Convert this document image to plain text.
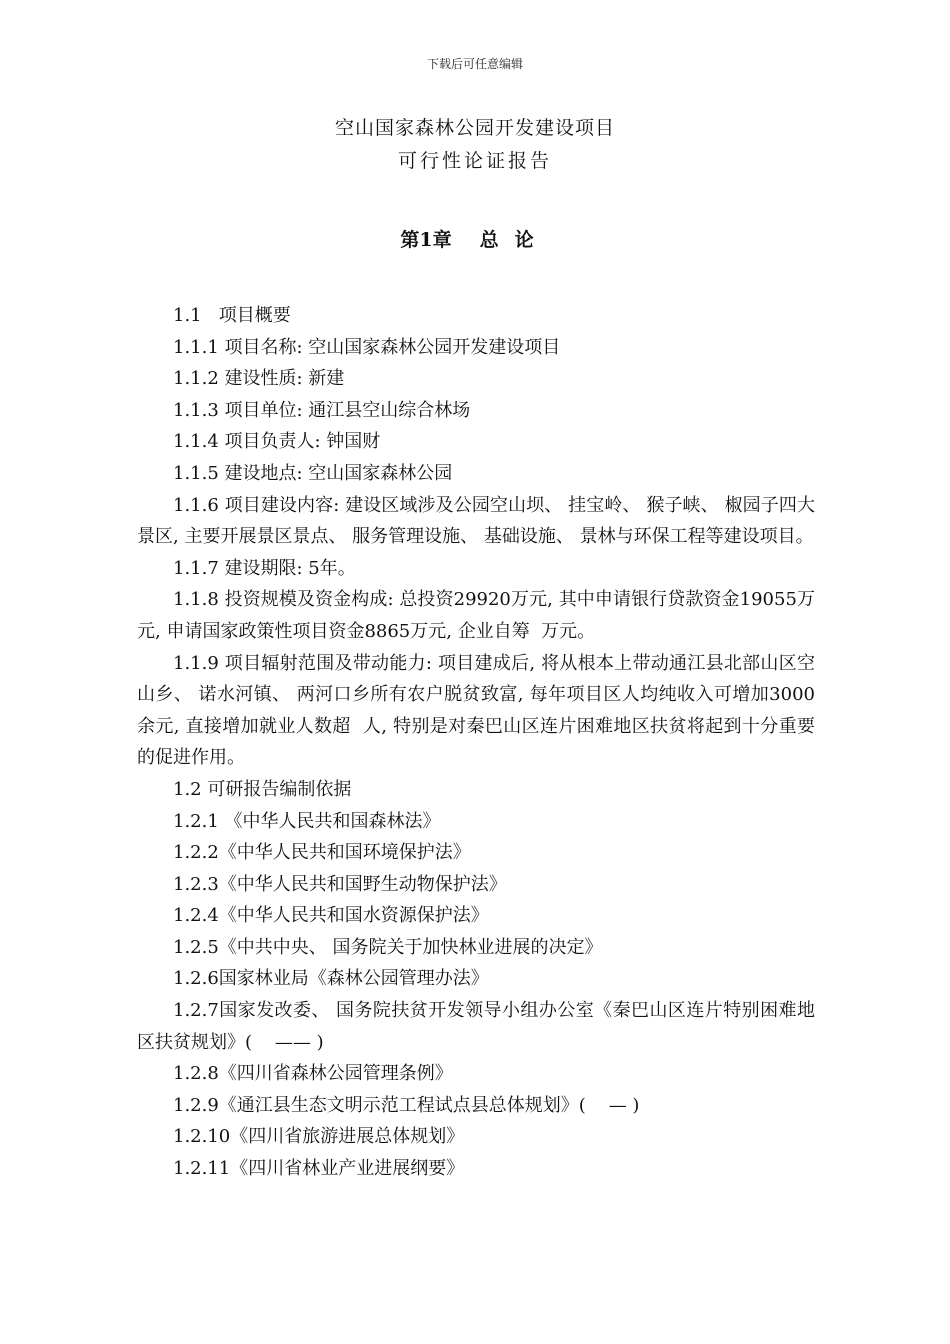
下载后可任意编辑
空山国家森林公园开发建设项目
可行性论证报告
第1章 总论

1.1   项目概要

1.1.1 项目名称: 空山国家森林公园开发建设项目

1.1.2 建设性质: 新建

1.1.3 项目单位: 通江县空山综合林场

1.1.4 项目负责人: 钟国财

1.1.5 建设地点: 空山国家森林公园

1.1.6 项目建设内容: 建设区域涉及公园空山坝、 挂宝岭、 猴子峡、 椒园子四大景区, 主要开展景区景点、 服务管理设施、 基础设施、 景林与环保工程等建设项目。

1.1.7 建设期限: 5年。

1.1.8 投资规模及资金构成: 总投资29920万元, 其中申请银行贷款资金19055万元, 申请国家政策性项目资金8865万元, 企业自筹  万元。

1.1.9 项目辐射范围及带动能力: 项目建成后, 将从根本上带动通江县北部山区空山乡、 诺水河镇、 两河口乡所有农户脱贫致富, 每年项目区人均纯收入可增加3000余元, 直接增加就业人数超  人, 特别是对秦巴山区连片困难地区扶贫将起到十分重要的促进作用。

1.2 可研报告编制依据

1.2.1 《中华人民共和国森林法》

1.2.2《中华人民共和国环境保护法》

1.2.3《中华人民共和国野生动物保护法》

1.2.4《中华人民共和国水资源保护法》

1.2.5《中共中央、 国务院关于加快林业进展的决定》

1.2.6国家林业局《森林公园管理办法》

1.2.7国家发改委、 国务院扶贫开发领导小组办公室《秦巴山区连片特别困难地区扶贫规划》(    —— )

1.2.8《四川省森林公园管理条例》

1.2.9《通江县生态文明示范工程试点县总体规划》(    — )

1.2.10《四川省旅游进展总体规划》

1.2.11《四川省林业产业进展纲要》
